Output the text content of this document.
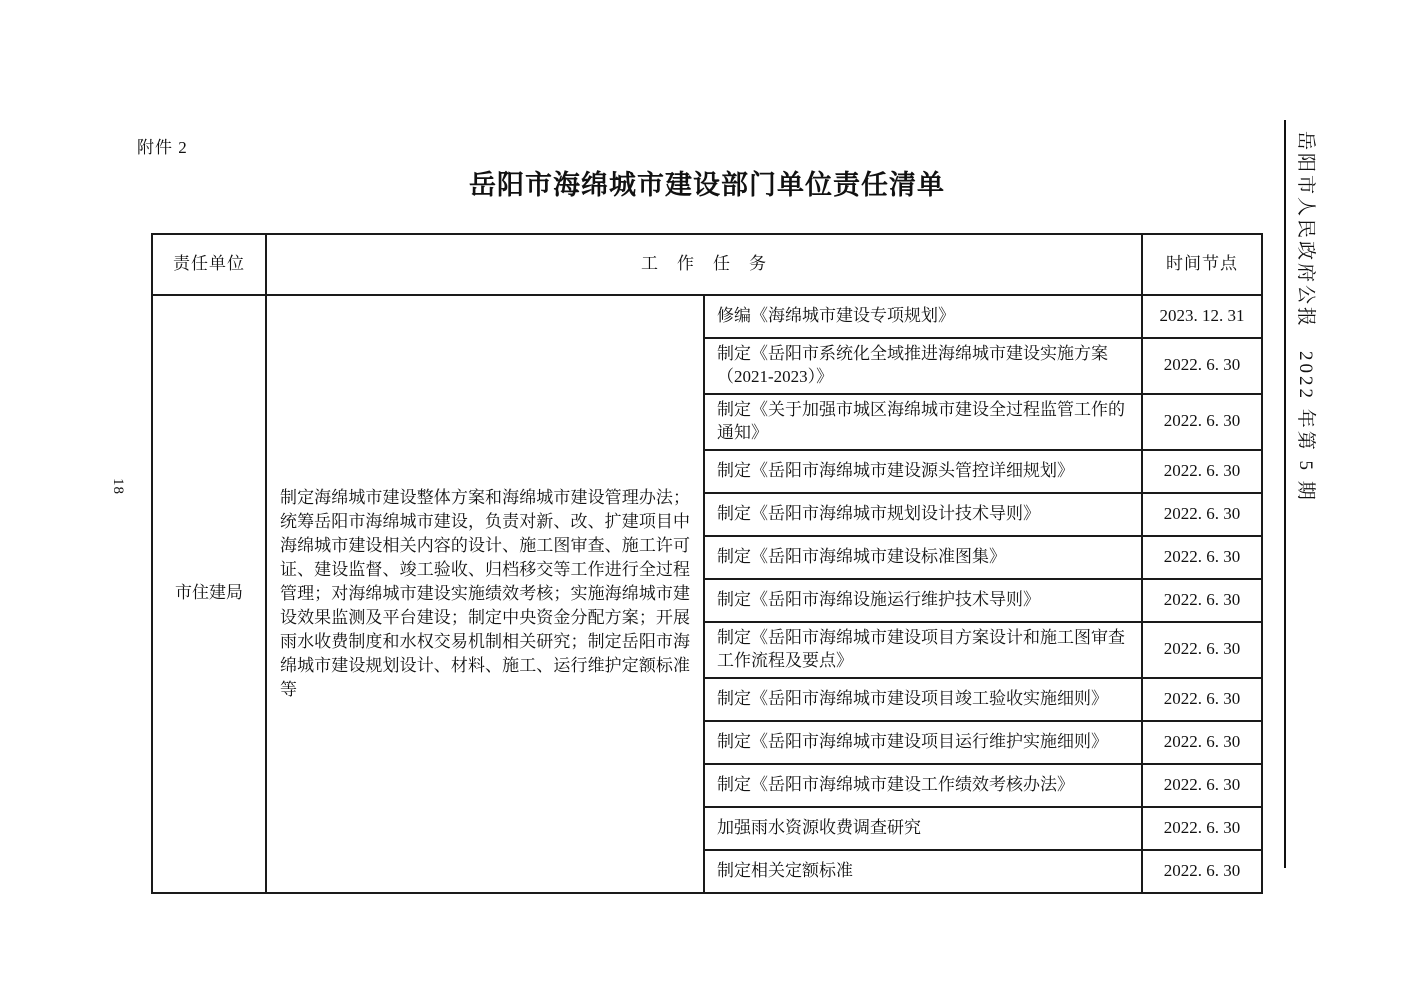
附件 2
岳阳市海绵城市建设部门单位责任清单
责任单位	工　作　任　务		时间节点
市住建局	制定海绵城市建设整体方案和海绵城市建设管理办法；统筹岳阳市海绵城市建设，负责对新、改、扩建项目中海绵城市建设相关内容的设计、施工图审查、施工许可证、建设监督、竣工验收、归档移交等工作进行全过程管理；对海绵城市建设实施绩效考核；实施海绵城市建设效果监测及平台建设；制定中央资金分配方案；开展雨水收费制度和水权交易机制相关研究；制定岳阳市海绵城市建设规划设计、材料、施工、运行维护定额标准等	修编《海绵城市建设专项规划》	2023. 12. 31

		制定《岳阳市系统化全域推进海绵城市建设实施方案（2021-2023）》	2022. 6. 30

		制定《关于加强市城区海绵城市建设全过程监管工作的通知》	2022. 6. 30

		制定《岳阳市海绵城市建设源头管控详细规划》	2022. 6. 30

		制定《岳阳市海绵城市规划设计技术导则》	2022. 6. 30

		制定《岳阳市海绵城市建设标准图集》	2022. 6. 30

		制定《岳阳市海绵设施运行维护技术导则》	2022. 6. 30

		制定《岳阳市海绵城市建设项目方案设计和施工图审查工作流程及要点》	2022. 6. 30

		制定《岳阳市海绵城市建设项目竣工验收实施细则》	2022. 6. 30

		制定《岳阳市海绵城市建设项目运行维护实施细则》	2022. 6. 30

		制定《岳阳市海绵城市建设工作绩效考核办法》	2022. 6. 30

		加强雨水资源收费调查研究	2022. 6. 30

		制定相关定额标准	2022. 6. 30
岳阳市人民政府公报　2022 年第 5 期
18
